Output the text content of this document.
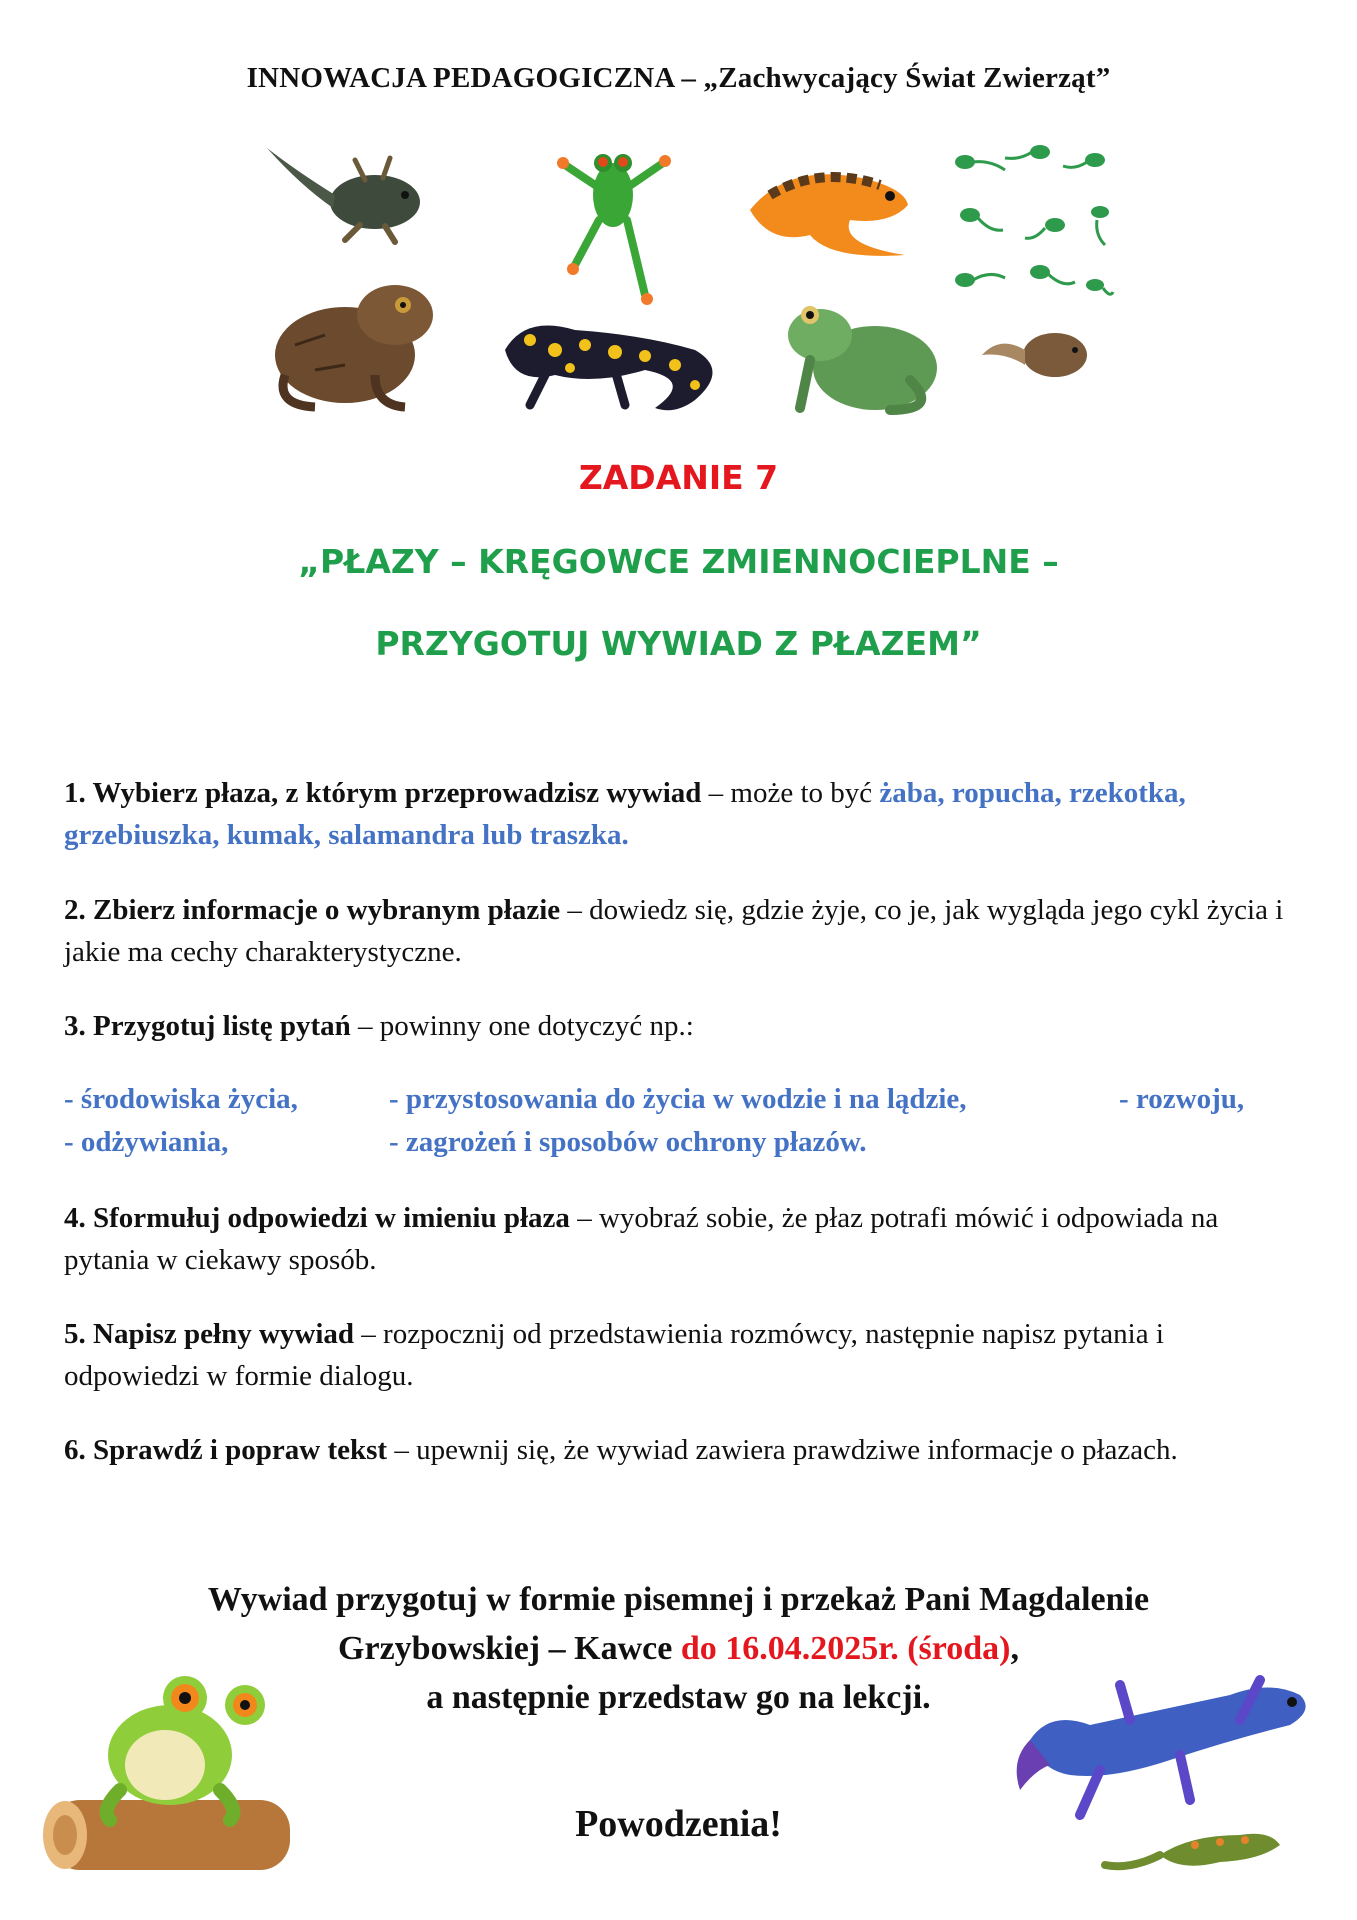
INNOWACJA PEDAGOGICZNA – „Zachwycający Świat Zwierząt”
ZADANIE 7
„PŁAZY – KRĘGOWCE ZMIENNOCIEPLNE –
PRZYGOTUJ WYWIAD Z PŁAZEM”
1. Wybierz płaza, z którym przeprowadzisz wywiad – może to być żaba, ropucha, rzekotka, grzebiuszka, kumak, salamandra lub traszka.
2. Zbierz informacje o wybranym płazie – dowiedz się, gdzie żyje, co je, jak wygląda jego cykl życia i jakie ma cechy charakterystyczne.
3. Przygotuj listę pytań – powinny one dotyczyć np.:
- środowiska życia,	- przystosowania do życia w wodzie i na lądzie,	- rozwoju,
- odżywiania,	- zagrożeń i sposobów ochrony płazów.
4. Sformułuj odpowiedzi w imieniu płaza – wyobraź sobie, że płaz potrafi mówić i odpowiada na pytania w ciekawy sposób.
5. Napisz pełny wywiad – rozpocznij od przedstawienia rozmówcy, następnie napisz pytania i odpowiedzi w formie dialogu.
6. Sprawdź i popraw tekst – upewnij się, że wywiad zawiera prawdziwe informacje o płazach.
Wywiad przygotuj w formie pisemnej i przekaż Pani Magdalenie
Grzybowskiej – Kawce do 16.04.2025r. (środa),
a następnie przedstaw go na lekcji.
Powodzenia!
